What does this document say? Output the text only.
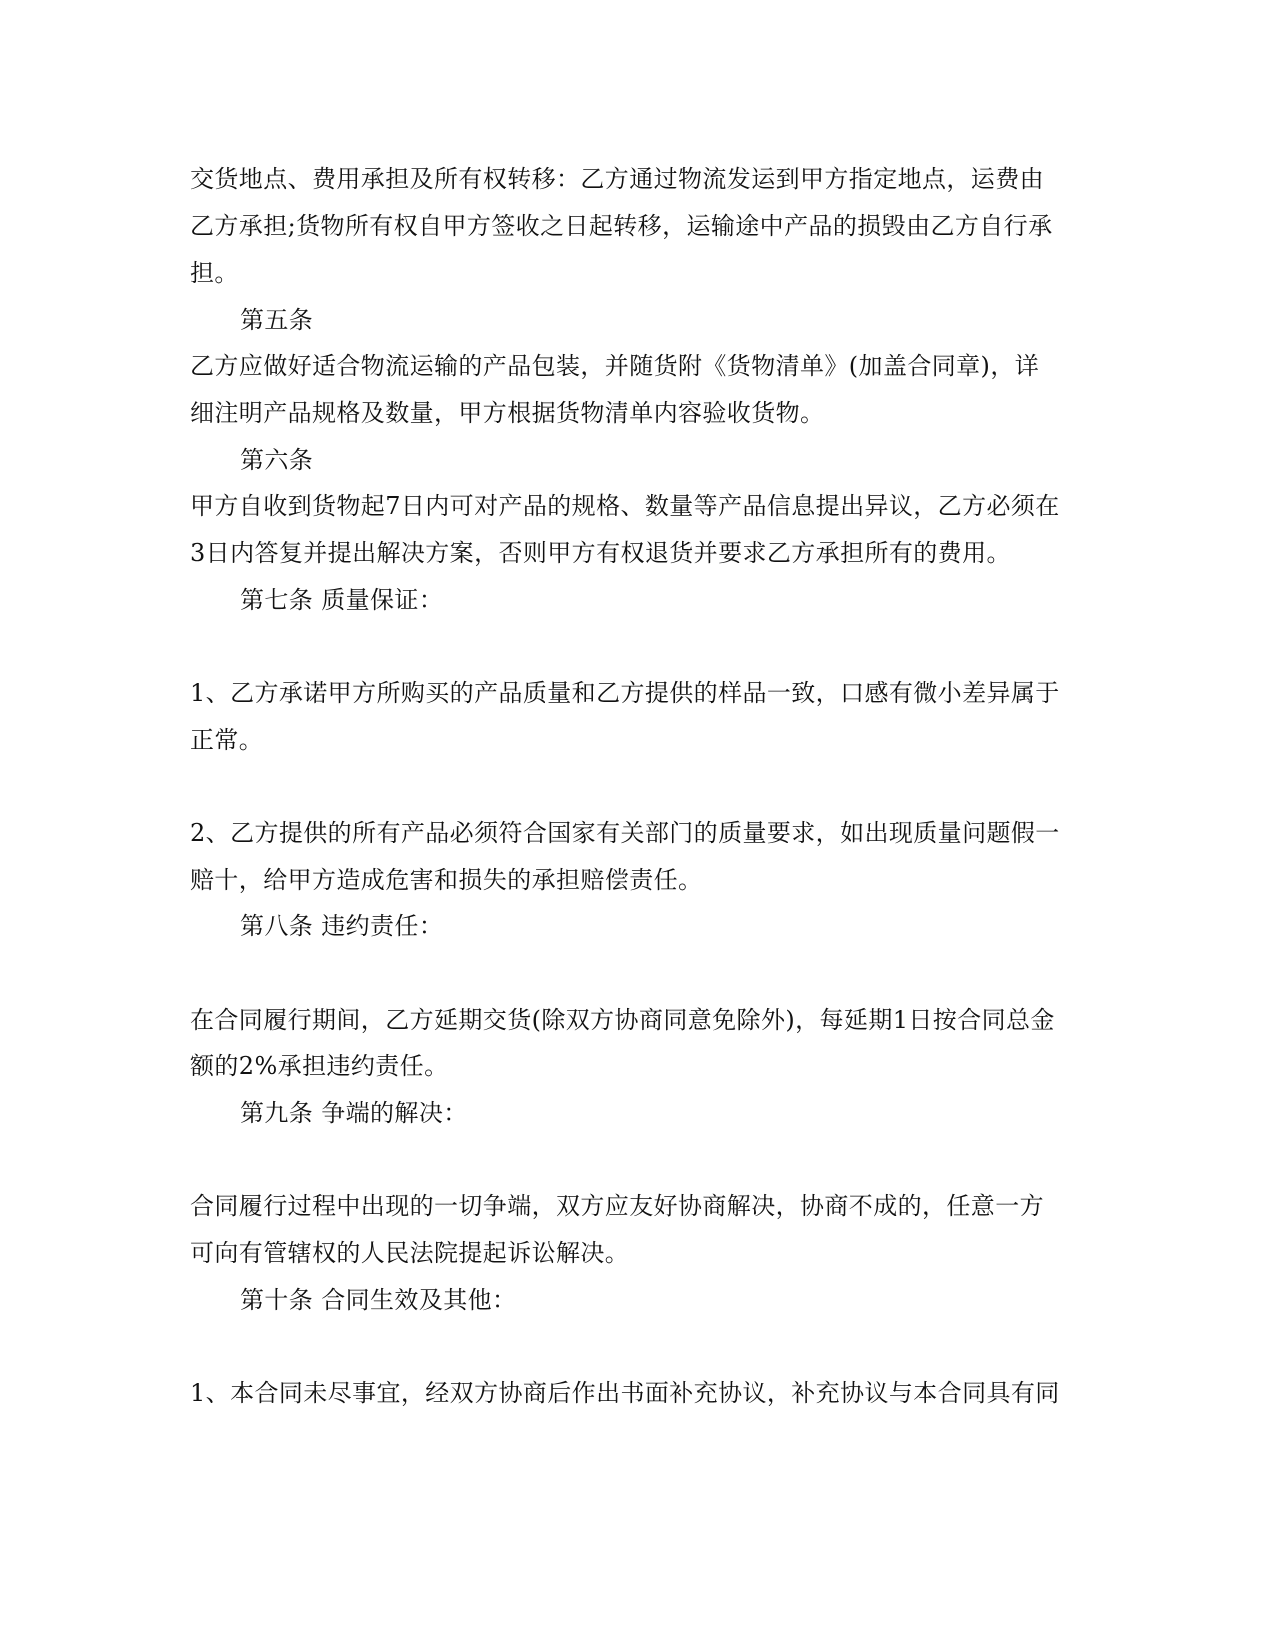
交货地点、费用承担及所有权转移：乙方通过物流发运到甲方指定地点，运费由
乙方承担;货物所有权自甲方签收之日起转移，运输途中产品的损毁由乙方自行承
担。
第五条
乙方应做好适合物流运输的产品包装，并随货附《货物清单》(加盖合同章)，详
细注明产品规格及数量，甲方根据货物清单内容验收货物。
第六条
甲方自收到货物起7日内可对产品的规格、数量等产品信息提出异议，乙方必须在
3日内答复并提出解决方案，否则甲方有权退货并要求乙方承担所有的费用。
第七条 质量保证：
1、乙方承诺甲方所购买的产品质量和乙方提供的样品一致，口感有微小差异属于
正常。
2、乙方提供的所有产品必须符合国家有关部门的质量要求，如出现质量问题假一
赔十，给甲方造成危害和损失的承担赔偿责任。
第八条 违约责任：
在合同履行期间，乙方延期交货(除双方协商同意免除外)，每延期1日按合同总金
额的2%承担违约责任。
第九条 争端的解决：
合同履行过程中出现的一切争端，双方应友好协商解决，协商不成的，任意一方
可向有管辖权的人民法院提起诉讼解决。
第十条 合同生效及其他：
1、本合同未尽事宜，经双方协商后作出书面补充协议，补充协议与本合同具有同
